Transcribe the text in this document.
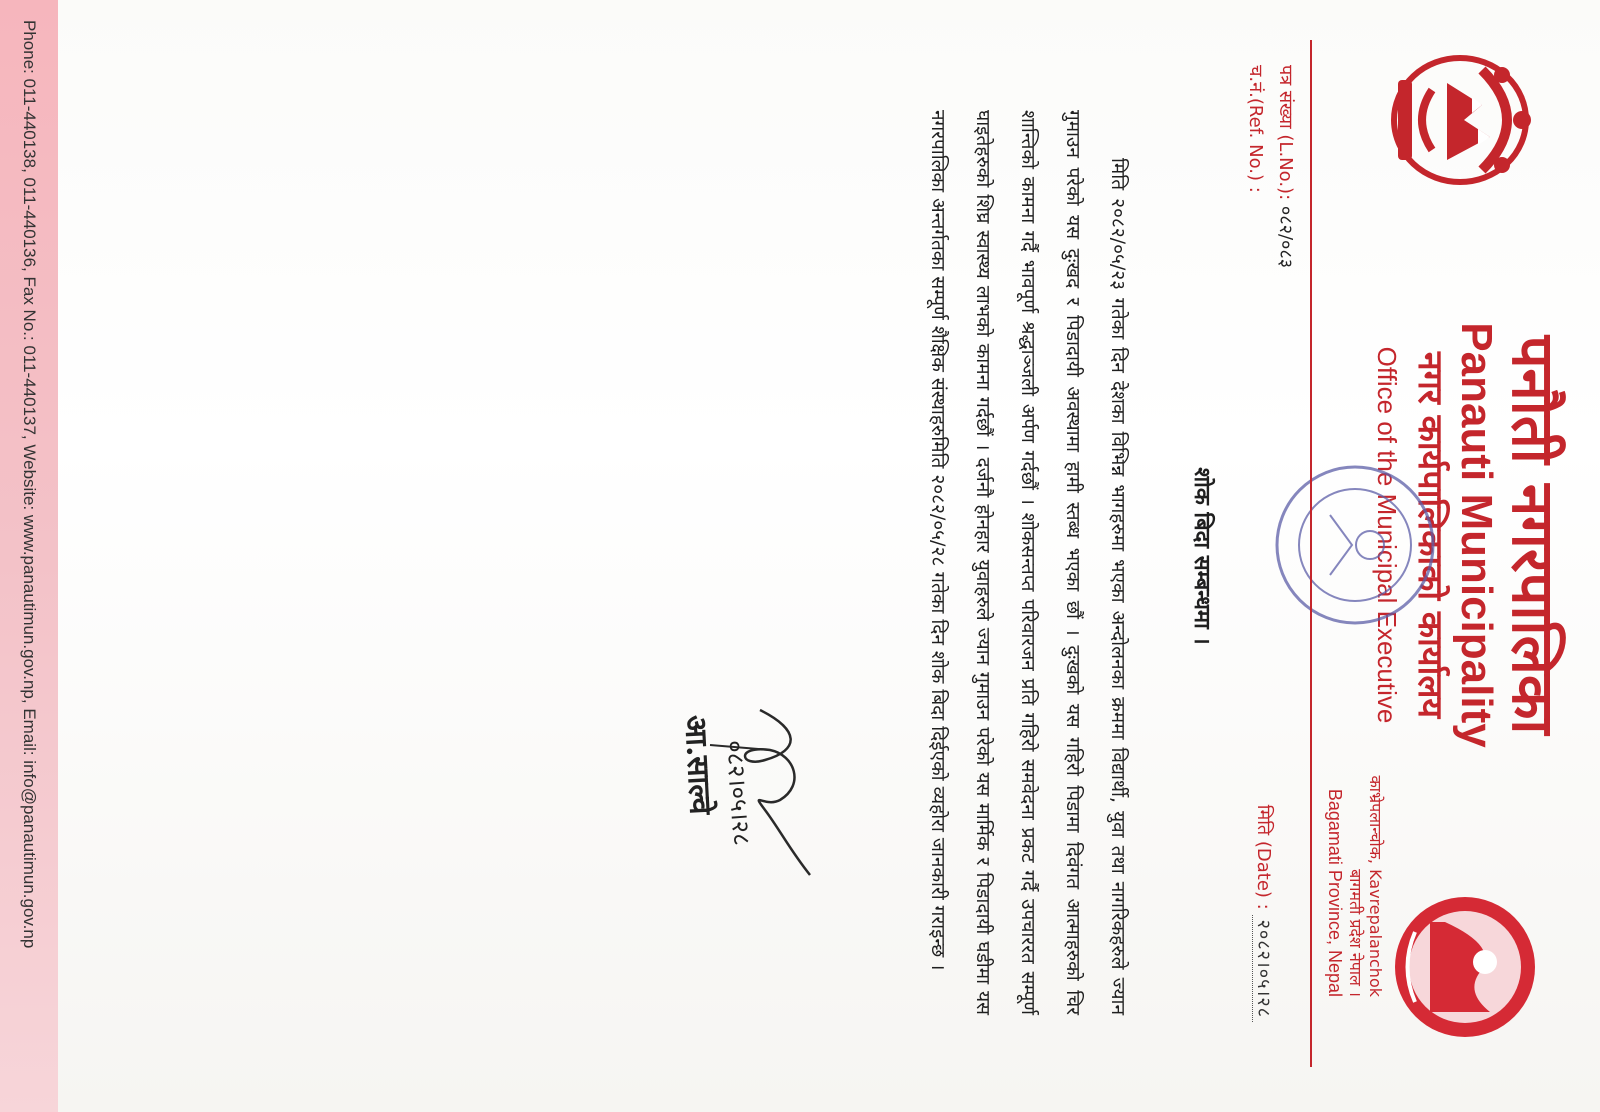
पनौती नगरपालिका
Panauti Municipality
नगर कार्यपालिकाको कार्यालय
Office of the Municipal Executive
काभ्रेपलान्चोक, Kavrepalanchok
बागमती प्रदेश नेपाल ।
Bagamati Province, Nepal
पत्र संख्या (L.No.): ०८२/०८३
च.नं.(Ref. No.) :
मिति (Date) : २०८२।०५।२८
शोक बिदा सम्बन्धमा ।

मिति २०८२/०५/२३ गतेका दिन देशका विभिन्न भागहरुमा भएका अन्दोलनका क्रममा विद्यार्थी, युवा तथा नागरिकहरुले ज्यान गुमाउन परेको यस दुःखद र पिडादायी अवस्थामा हामी स्तब्ध भएका छौं । दुःखको यस गहिरो पिडामा दिवंगत आत्माहरुको चिर शान्तिको कामना गर्दै भावपूर्ण श्रद्धाञ्जली अर्पण गर्दछौं । शोकसन्तप्त परिवारजन प्रति गहिरो समवेदना प्रकट गर्दै उपचाररत सम्पूर्ण घाइतेहरुको शिघ्र स्वास्थ्य लाभको कामना गर्दछौं । दर्जनौ होनहार युवाहरुले ज्यान गुमाउन परेको यस मार्मिक र पिडादायी घडीमा यस नगरपालिका अन्तर्गतका सम्पूर्ण शैक्षिक संस्थाहरुमिति २०८२/०५/२८ गतेका दिन शोक बिदा दिईएको व्यहोरा जानकारी गराइन्छ ।

०८२।०५।२८
आ.साल्वे
Phone: 011-440138, 011-440136, Fax No.: 011-440137, Website: www.panautimun.gov.np, Email: info@panautimun.gov.np
